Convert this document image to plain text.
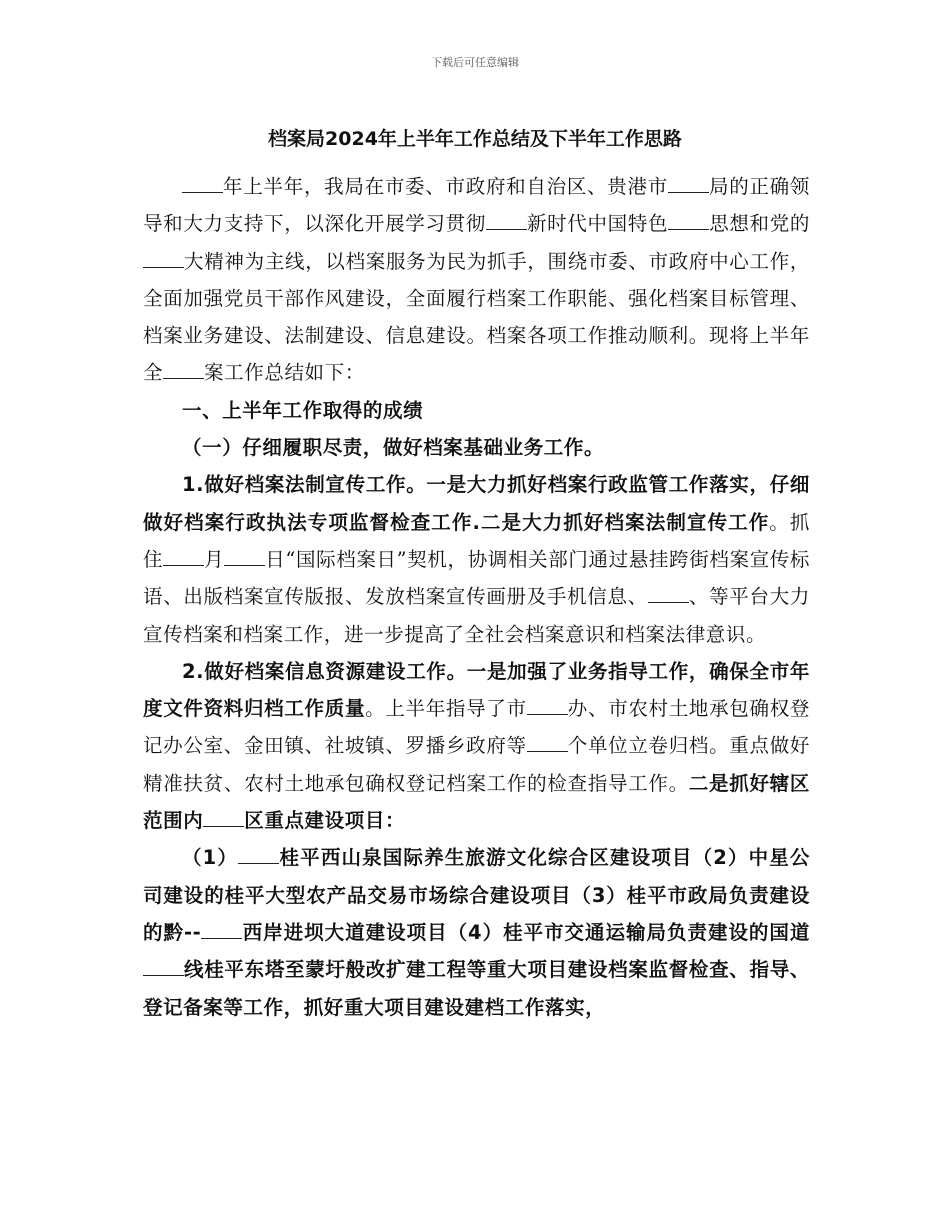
下载后可任意编辑
档案局2024年上半年工作总结及下半年工作思路

年上半年，我局在市委、市政府和自治区、贵港市 局的正确领导和大力支持下，以深化开展学习贯彻 新时代中国特色 思想和党的大精神为主线，以档案服务为民为抓手，围绕市委、市政府中心工作，全面加强党员干部作风建设，全面履行档案工作职能、强化档案目标管理、档案业务建设、法制建设、信息建设。档案各项工作推动顺利。现将上半年全 案工作总结如下：

一、上半年工作取得的成绩

（一）仔细履职尽责，做好档案基础业务工作。

1.做好档案法制宣传工作。一是大力抓好档案行政监管工作落实，仔细做好档案行政执法专项监督检查工作.二是大力抓好档案法制宣传工作。抓住 月 日“国际档案日”契机，协调相关部门通过悬挂跨街档案宣传标语、出版档案宣传版报、发放档案宣传画册及手机信息、 、等平台大力宣传档案和档案工作，进一步提高了全社会档案意识和档案法律意识。

2.做好档案信息资源建设工作。一是加强了业务指导工作，确保全市年度文件资料归档工作质量。上半年指导了市 办、市农村土地承包确权登记办公室、金田镇、社坡镇、罗播乡政府等 个单位立卷归档。重点做好精准扶贫、农村土地承包确权登记档案工作的检查指导工作。二是抓好辖区范围内 区重点建设项目：

（1） 桂平西山泉国际养生旅游文化综合区建设项目（2）中星公司建设的桂平大型农产品交易市场综合建设项目（3）桂平市政局负责建设的黔-- 西岸进坝大道建设项目（4）桂平市交通运输局负责建设的国道线桂平东塔至蒙圩般改扩建工程等重大项目建设档案监督检查、指导、登记备案等工作，抓好重大项目建设建档工作落实，
